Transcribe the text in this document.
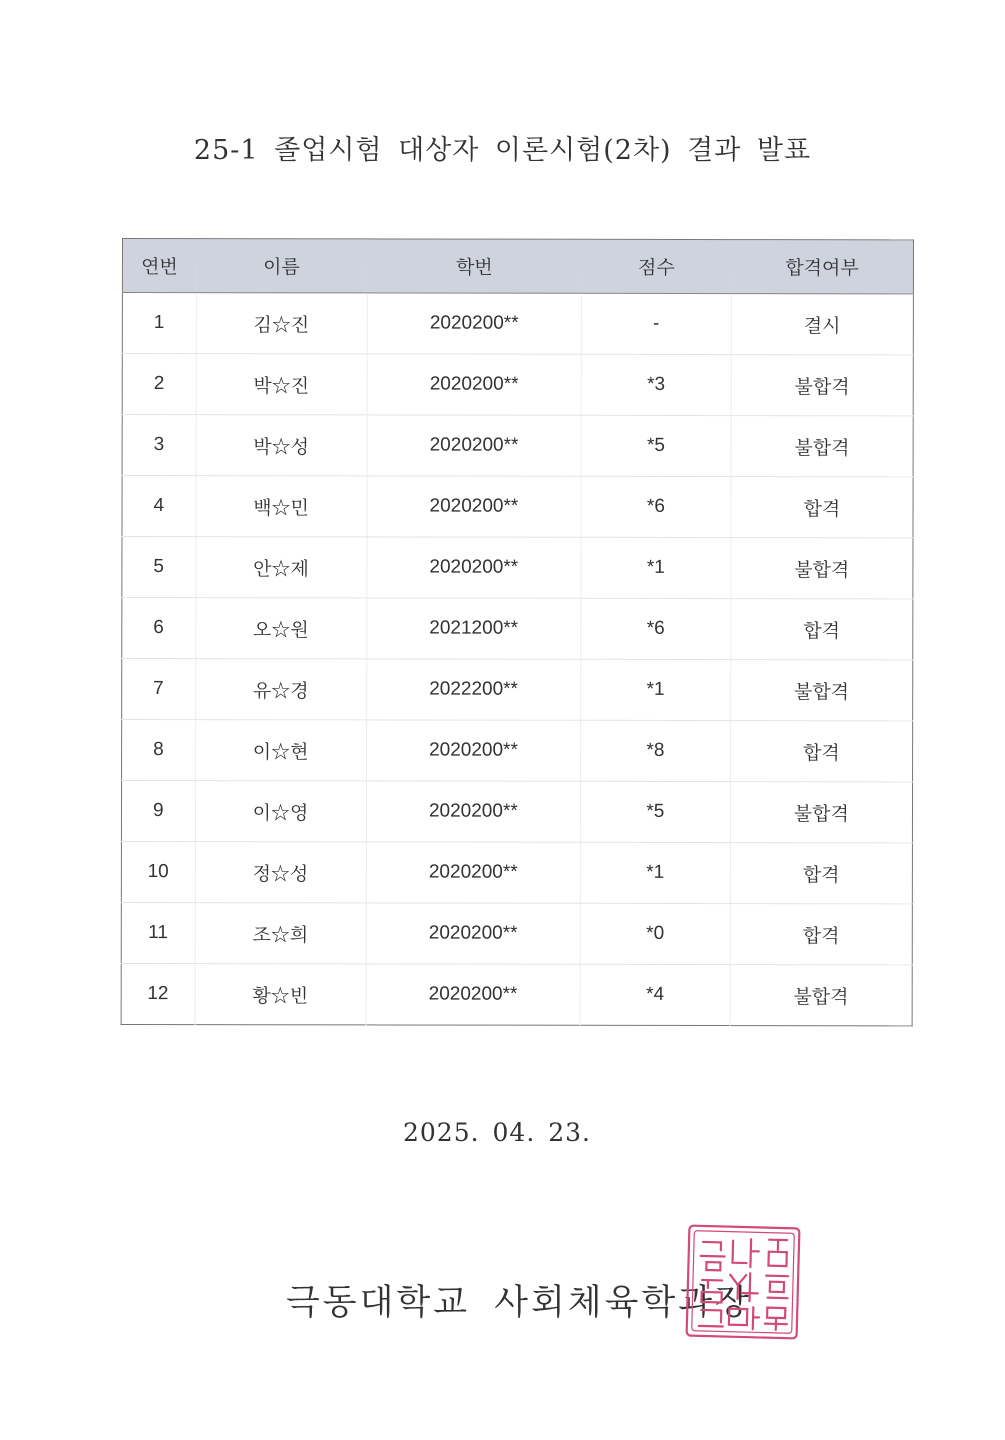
25-1 졸업시험 대상자 이론시험(2차) 결과 발표
연번	이름	학번	점수	합격여부
1	김☆진	2020200**	-	결시
2	박☆진	2020200**	*3	불합격
3	박☆성	2020200**	*5	불합격
4	백☆민	2020200**	*6	합격
5	안☆제	2020200**	*1	불합격
6	오☆원	2021200**	*6	합격
7	유☆경	2022200**	*1	불합격
8	이☆현	2020200**	*8	합격
9	이☆영	2020200**	*5	불합격
10	정☆성	2020200**	*1	합격
11	조☆희	2020200**	*0	합격
12	황☆빈	2020200**	*4	불합격
2025. 04. 23.
극동대학교 사회체육학과장
